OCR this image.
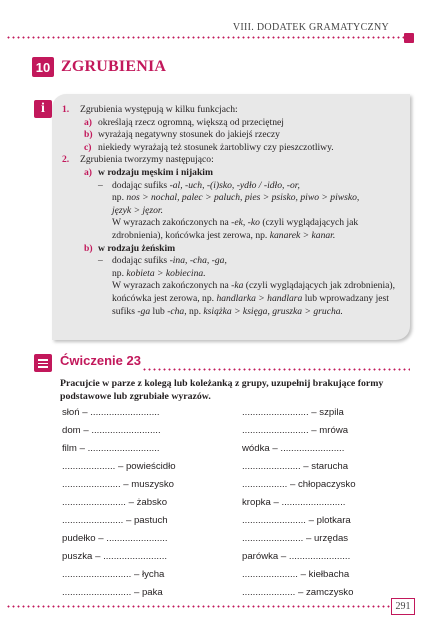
VIII. DODATEK GRAMATYCZNY
10 ZGRUBIENIA
i	1. Zgrubienia występują w kilku funkcjach:

a) określają rzecz ogromną, większą od przeciętnej

b) wyrażają negatywny stosunek do jakiejś rzeczy

c) niekiedy wyrażają też stosunek żartobliwy czy pieszczotliwy.

2. Zgrubienia tworzymy następująco:

a) w rodzaju męskim i nijakim

– dodając sufiks -al, -uch, -(i)sko, -ydło / -idło, -or,

np. nos > nochal, palec > paluch, pies > psisko, piwo > piwsko,

język > jęzor.

W wyrazach zakończonych na -ek, -ko (czyli wyglądających jak zdrobnienia), końcówka jest zerowa, np. kanarek > kanar.

b) w rodzaju żeńskim

– dodając sufiks -ina, -cha, -ga,

np. kobieta > kobiecina.

W wyrazach zakończonych na -ka (czyli wyglądających jak zdrobnienia), końcówka jest zerowa, np. handlarka > handlara lub wprowadzany jest sufiks -ga lub -cha, np. książka > księga, gruszka > grucha.

Ćwiczenie 23
Pracujcie w parze z kolegą lub koleżanką z grupy, uzupełnij brakujące formy podstawowe lub zgrubiałe wyrazów.
słoń – ..........................
dom – ..........................
film – ...........................
.................... – powieścidło
...................... – muszysko
........................ – żabsko
....................... – pastuch
pudełko – .......................
puszka – ........................
.......................... – łycha
.......................... – paka
......................... – szpila
......................... – mrówa
wódka – ........................
...................... – starucha
................. – chłopaczysko
kropka – ........................
........................ – plotkara
....................... – urzędas
parówka – .......................
..................... – kiełbacha
.................... – zamczysko
291
